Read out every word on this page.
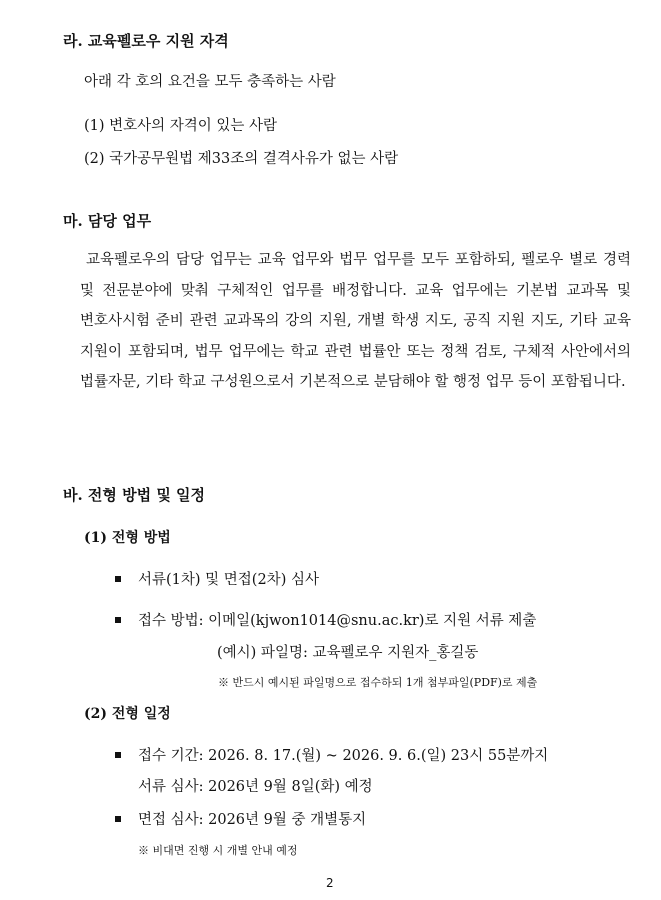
라. 교육펠로우 지원 자격
아래 각 호의 요건을 모두 충족하는 사람
(1) 변호사의 자격이 있는 사람
(2) 국가공무원법 제33조의 결격사유가 없는 사람
마. 담당 업무
교육펠로우의 담당 업무는 교육 업무와 법무 업무를 모두 포함하되, 펠로우 별로 경력 및 전문분야에 맞춰 구체적인 업무를 배정합니다. 교육 업무에는 기본법 교과목 및 변호사시험 준비 관련 교과목의 강의 지원, 개별 학생 지도, 공직 지원 지도, 기타 교육 지원이 포함되며, 법무 업무에는 학교 관련 법률안 또는 정책 검토, 구체적 사안에서의 법률자문, 기타 학교 구성원으로서 기본적으로 분담해야 할 행정 업무 등이 포함됩니다.
바. 전형 방법 및 일정
(1) 전형 방법
서류(1차) 및 면접(2차) 심사
접수 방법: 이메일(kjwon1014@snu.ac.kr)로 지원 서류 제출
(예시) 파일명: 교육펠로우 지원자_홍길동
※ 반드시 예시된 파일명으로 접수하되 1개 첨부파일(PDF)로 제출
(2) 전형 일정
접수 기간: 2026. 8. 17.(월) ~ 2026. 9. 6.(일) 23시 55분까지
서류 심사: 2026년 9월 8일(화) 예정
면접 심사: 2026년 9월 중 개별통지
※ 비대면 진행 시 개별 안내 예정
2
